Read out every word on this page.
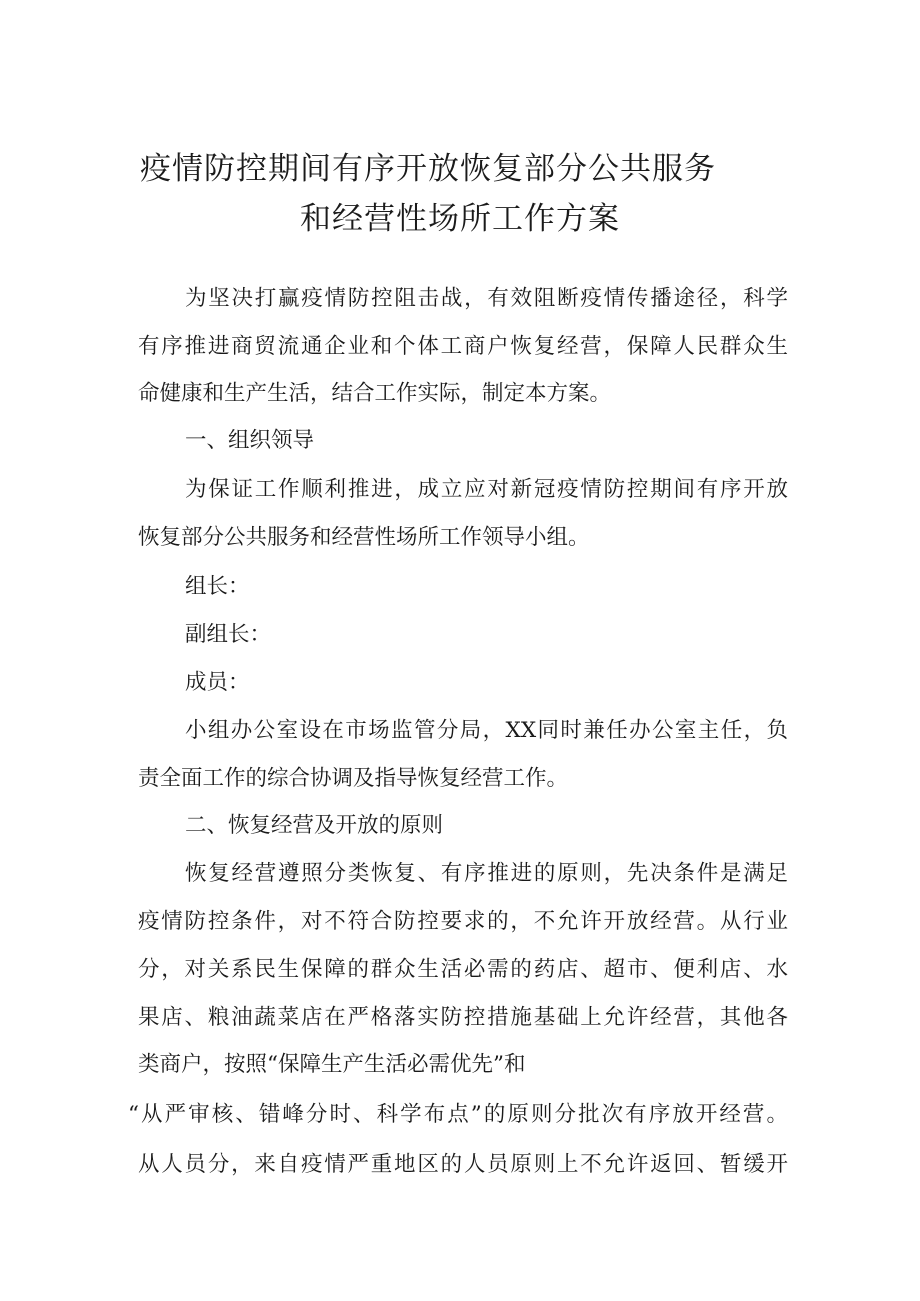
疫情防控期间有序开放恢复部分公共服务
和经营性场所工作方案

为坚决打赢疫情防控阻击战，有效阻断疫情传播途径，科学

有序推进商贸流通企业和个体工商户恢复经营，保障人民群众生

命健康和生产生活，结合工作实际，制定本方案。

一、组织领导

为保证工作顺利推进，成立应对新冠疫情防控期间有序开放

恢复部分公共服务和经营性场所工作领导小组。

组长：

副组长：

成员：

小组办公室设在市场监管分局，XX同时兼任办公室主任，负

责全面工作的综合协调及指导恢复经营工作。

二、恢复经营及开放的原则

恢复经营遵照分类恢复、有序推进的原则，先决条件是满足

疫情防控条件，对不符合防控要求的，不允许开放经营。从行业

分，对关系民生保障的群众生活必需的药店、超市、便利店、水

果店、粮油蔬菜店在严格落实防控措施基础上允许经营，其他各

类商户，按照“保障生产生活必需优先”和

“从严审核、错峰分时、科学布点”的原则分批次有序放开经营。

从人员分，来自疫情严重地区的人员原则上不允许返回、暂缓开
